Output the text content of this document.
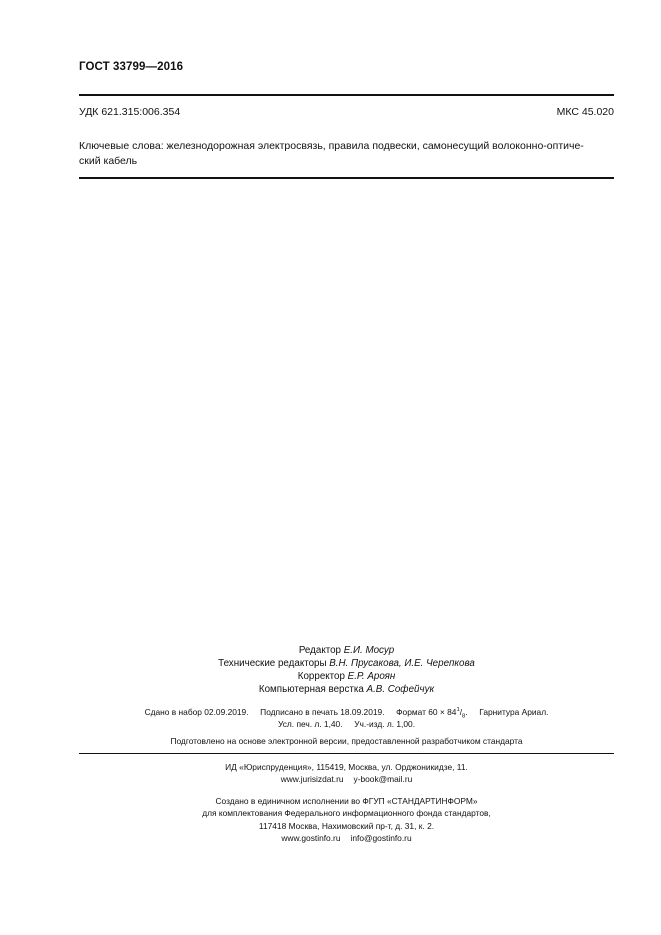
ГОСТ 33799—2016
УДК 621.315:006.354	МКС 45.020
Ключевые слова: железнодорожная электросвязь, правила подвески, самонесущий волоконно-оптиче-
ский кабель
Редактор Е.И. Мосур
Технические редакторы В.Н. Прусакова, И.Е. Черепкова
Корректор Е.Р. Ароян
Компьютерная верстка А.В. Софейчук
Сдано в набор 02.09.2019. Подписано в печать 18.09.2019. Формат $60 \times 84^1/_8$. Гарнитура Ариал.
Усл. печ. л. 1,40. Уч.-изд. л. 1,00.
Подготовлено на основе электронной версии, предоставленной разработчиком стандарта
ИД «Юриспруденция», 115419, Москва, ул. Орджоникидзе, 11.
www.jurisizdat.ru y-book@mail.ru
Создано в единичном исполнении во ФГУП «СТАНДАРТИНФОРМ»
для комплектования Федерального информационного фонда стандартов,
117418 Москва, Нахимовский пр-т, д. 31, к. 2.
www.gostinfo.ru info@gostinfo.ru
